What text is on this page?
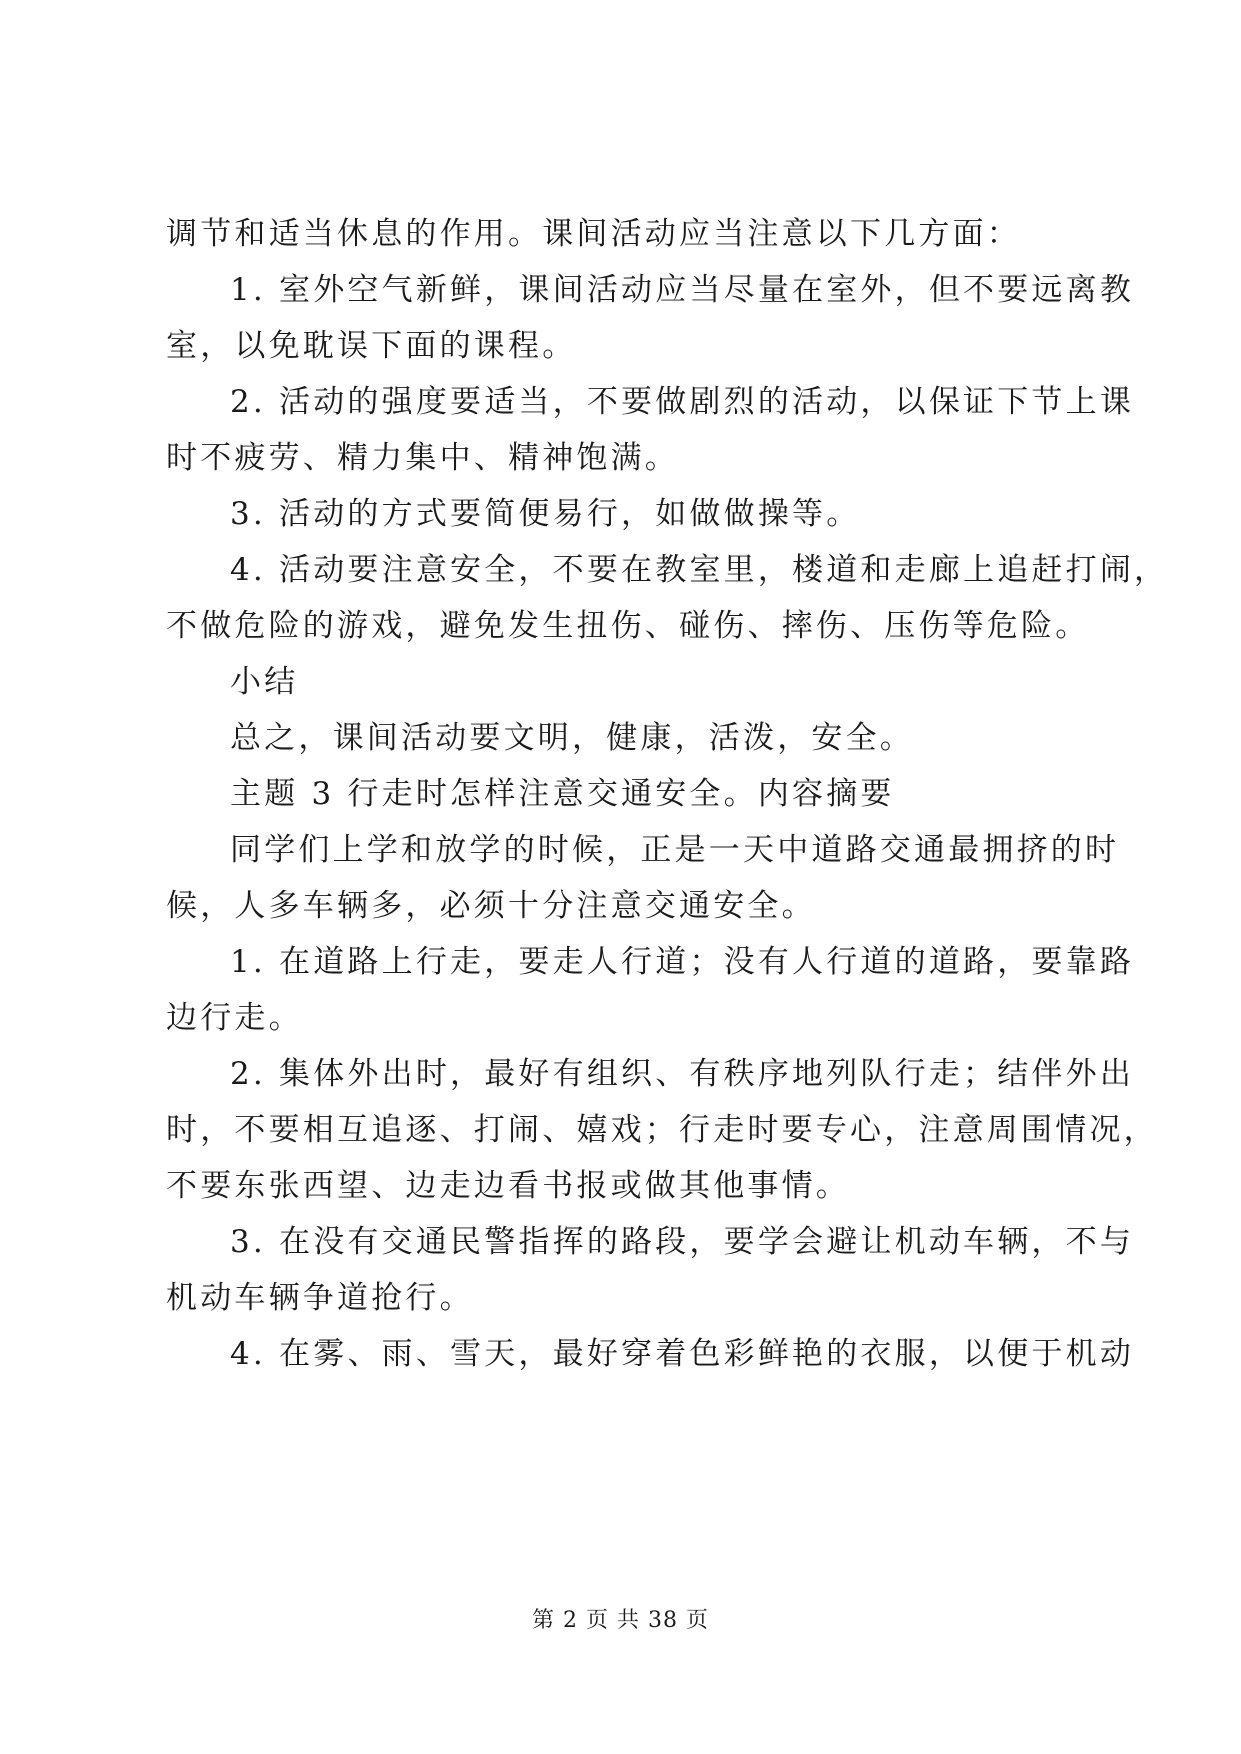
调节和适当休息的作用。课间活动应当注意以下几方面：
1. 室外空气新鲜，课间活动应当尽量在室外，但不要远离教
室，以免耽误下面的课程。
2. 活动的强度要适当，不要做剧烈的活动，以保证下节上课
时不疲劳、精力集中、精神饱满。
3. 活动的方式要简便易行，如做做操等。
4. 活动要注意安全，不要在教室里，楼道和走廊上追赶打闹，
不做危险的游戏，避免发生扭伤、碰伤、摔伤、压伤等危险。
小结
总之，课间活动要文明，健康，活泼，安全。
主题 3 行走时怎样注意交通安全。内容摘要
同学们上学和放学的时候，正是一天中道路交通最拥挤的时
候，人多车辆多，必须十分注意交通安全。
1. 在道路上行走，要走人行道；没有人行道的道路，要靠路
边行走。
2. 集体外出时，最好有组织、有秩序地列队行走；结伴外出
时，不要相互追逐、打闹、嬉戏；行走时要专心，注意周围情况，
不要东张西望、边走边看书报或做其他事情。
3. 在没有交通民警指挥的路段，要学会避让机动车辆，不与
机动车辆争道抢行。
4. 在雾、雨、雪天，最好穿着色彩鲜艳的衣服，以便于机动
第 2 页 共 38 页
